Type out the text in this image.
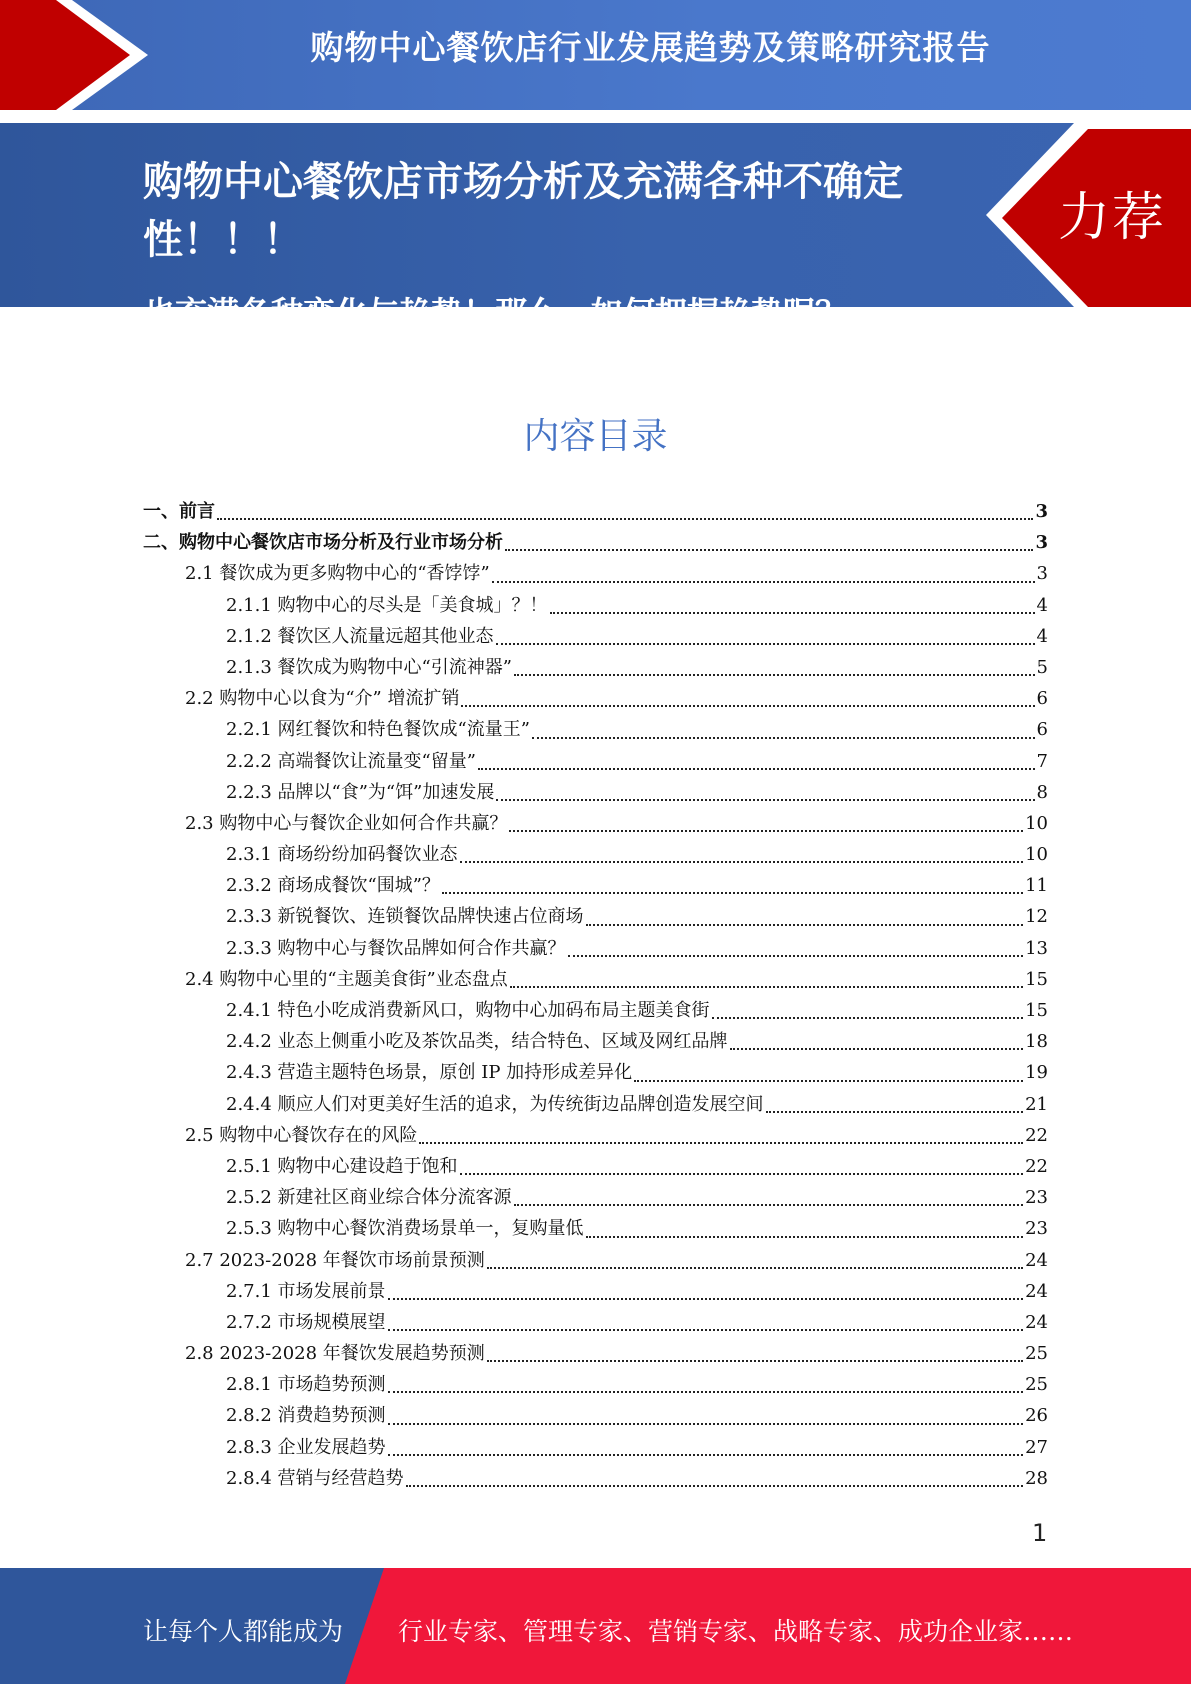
购物中心餐饮店行业发展趋势及策略研究报告
购物中心餐饮店市场分析及充满各种不确定性！！！
也充满各种变化与趋势！那么，如何把握趋势呢？
力荐
内容目录
一、前言	3
二、购物中心餐饮店市场分析及行业市场分析	3
2.1 餐饮成为更多购物中心的“香饽饽”	3
2.1.1 购物中心的尽头是「美食城」？！	4
2.1.2 餐饮区人流量远超其他业态	4
2.1.3 餐饮成为购物中心“引流神器”	5
2.2 购物中心以食为“介” 增流扩销	6
2.2.1 网红餐饮和特色餐饮成“流量王”	6
2.2.2 高端餐饮让流量变“留量”	7
2.2.3 品牌以“食”为“饵”加速发展	8
2.3 购物中心与餐饮企业如何合作共赢？	10
2.3.1 商场纷纷加码餐饮业态	10
2.3.2 商场成餐饮“围城”？	11
2.3.3 新锐餐饮、连锁餐饮品牌快速占位商场	12
2.3.3 购物中心与餐饮品牌如何合作共赢？	13
2.4 购物中心里的“主题美食街”业态盘点	15
2.4.1 特色小吃成消费新风口，购物中心加码布局主题美食街	15
2.4.2 业态上侧重小吃及茶饮品类，结合特色、区域及网红品牌	18
2.4.3 营造主题特色场景，原创 IP 加持形成差异化	19
2.4.4 顺应人们对更美好生活的追求，为传统街边品牌创造发展空间	21
2.5 购物中心餐饮存在的风险	22
2.5.1 购物中心建设趋于饱和	22
2.5.2 新建社区商业综合体分流客源	23
2.5.3 购物中心餐饮消费场景单一，复购量低	23
2.7 2023-2028 年餐饮市场前景预测	24
2.7.1 市场发展前景	24
2.7.2 市场规模展望	24
2.8 2023-2028 年餐饮发展趋势预测	25
2.8.1 市场趋势预测	25
2.8.2 消费趋势预测	26
2.8.3 企业发展趋势	27
2.8.4 营销与经营趋势	28
1
让每个人都能成为 行业专家、管理专家、营销专家、战略专家、成功企业家……
